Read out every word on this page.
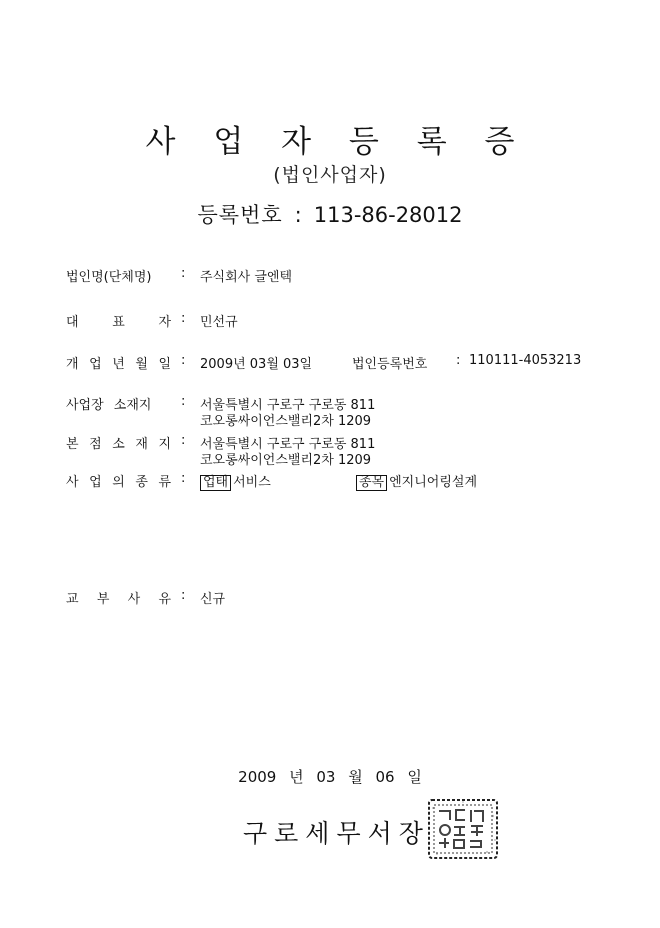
사 업 자 등 록 증
(법인사업자)
등록번호 : 113-86-28012
법인명(단체명) : 주식회사 글엔텍
대	표	자 : 민선규
개 업 년 월 일 : 2009년 03월 03일	법인등록번호 : 110111-4053213
사업장 소재지 : 서울특별시 구로구 구로동 811
코오롱싸이언스밸리2차 1209
본 점 소 재 지 : 서울특별시 구로구 구로동 811
코오롱싸이언스밸리2차 1209
사 업 의 종 류 : 업태 서비스	종목 엔지니어링설계
교 부 사 유 : 신규
2009 년 03 월 06 일
구로세무서장
